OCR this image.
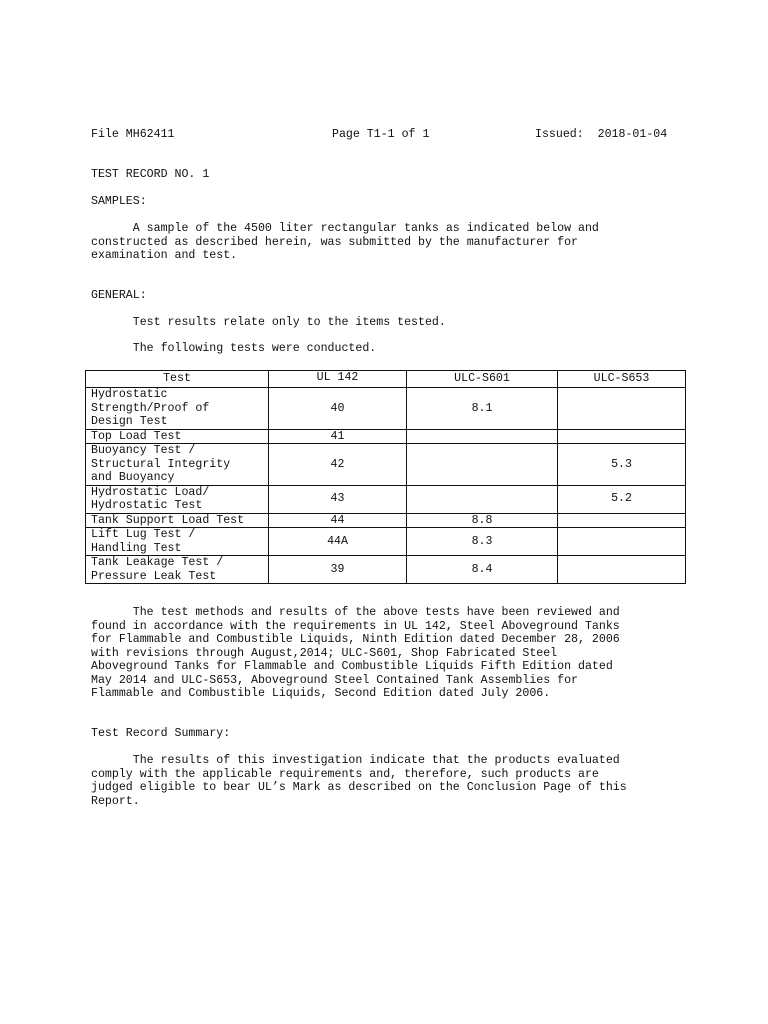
File MH62411	Page T1-1 of 1	Issued:  2018-01-04
TEST RECORD NO. 1
SAMPLES:
A sample of the 4500 liter rectangular tanks as indicated below and
constructed as described herein, was submitted by the manufacturer for
examination and test.
GENERAL:
Test results relate only to the items tested.
The following tests were conducted.
Test	UL 142	ULC-S601	ULC-S653
Hydrostatic
Strength/Proof of
Design Test	40	8.1	
Top Load Test	41		
Buoyancy Test /
Structural Integrity
and Buoyancy	42		5.3
Hydrostatic Load/
Hydrostatic Test	43		5.2
Tank Support Load Test	44	8.8	
Lift Lug Test /
Handling Test	44A	8.3	
Tank Leakage Test /
Pressure Leak Test	39	8.4	
The test methods and results of the above tests have been reviewed and
found in accordance with the requirements in UL 142, Steel Aboveground Tanks
for Flammable and Combustible Liquids, Ninth Edition dated December 28, 2006
with revisions through August,2014; ULC-S601, Shop Fabricated Steel
Aboveground Tanks for Flammable and Combustible Liquids Fifth Edition dated
May 2014 and ULC-S653, Aboveground Steel Contained Tank Assemblies for
Flammable and Combustible Liquids, Second Edition dated July 2006.
Test Record Summary:
The results of this investigation indicate that the products evaluated
comply with the applicable requirements and, therefore, such products are
judged eligible to bear UL’s Mark as described on the Conclusion Page of this
Report.
